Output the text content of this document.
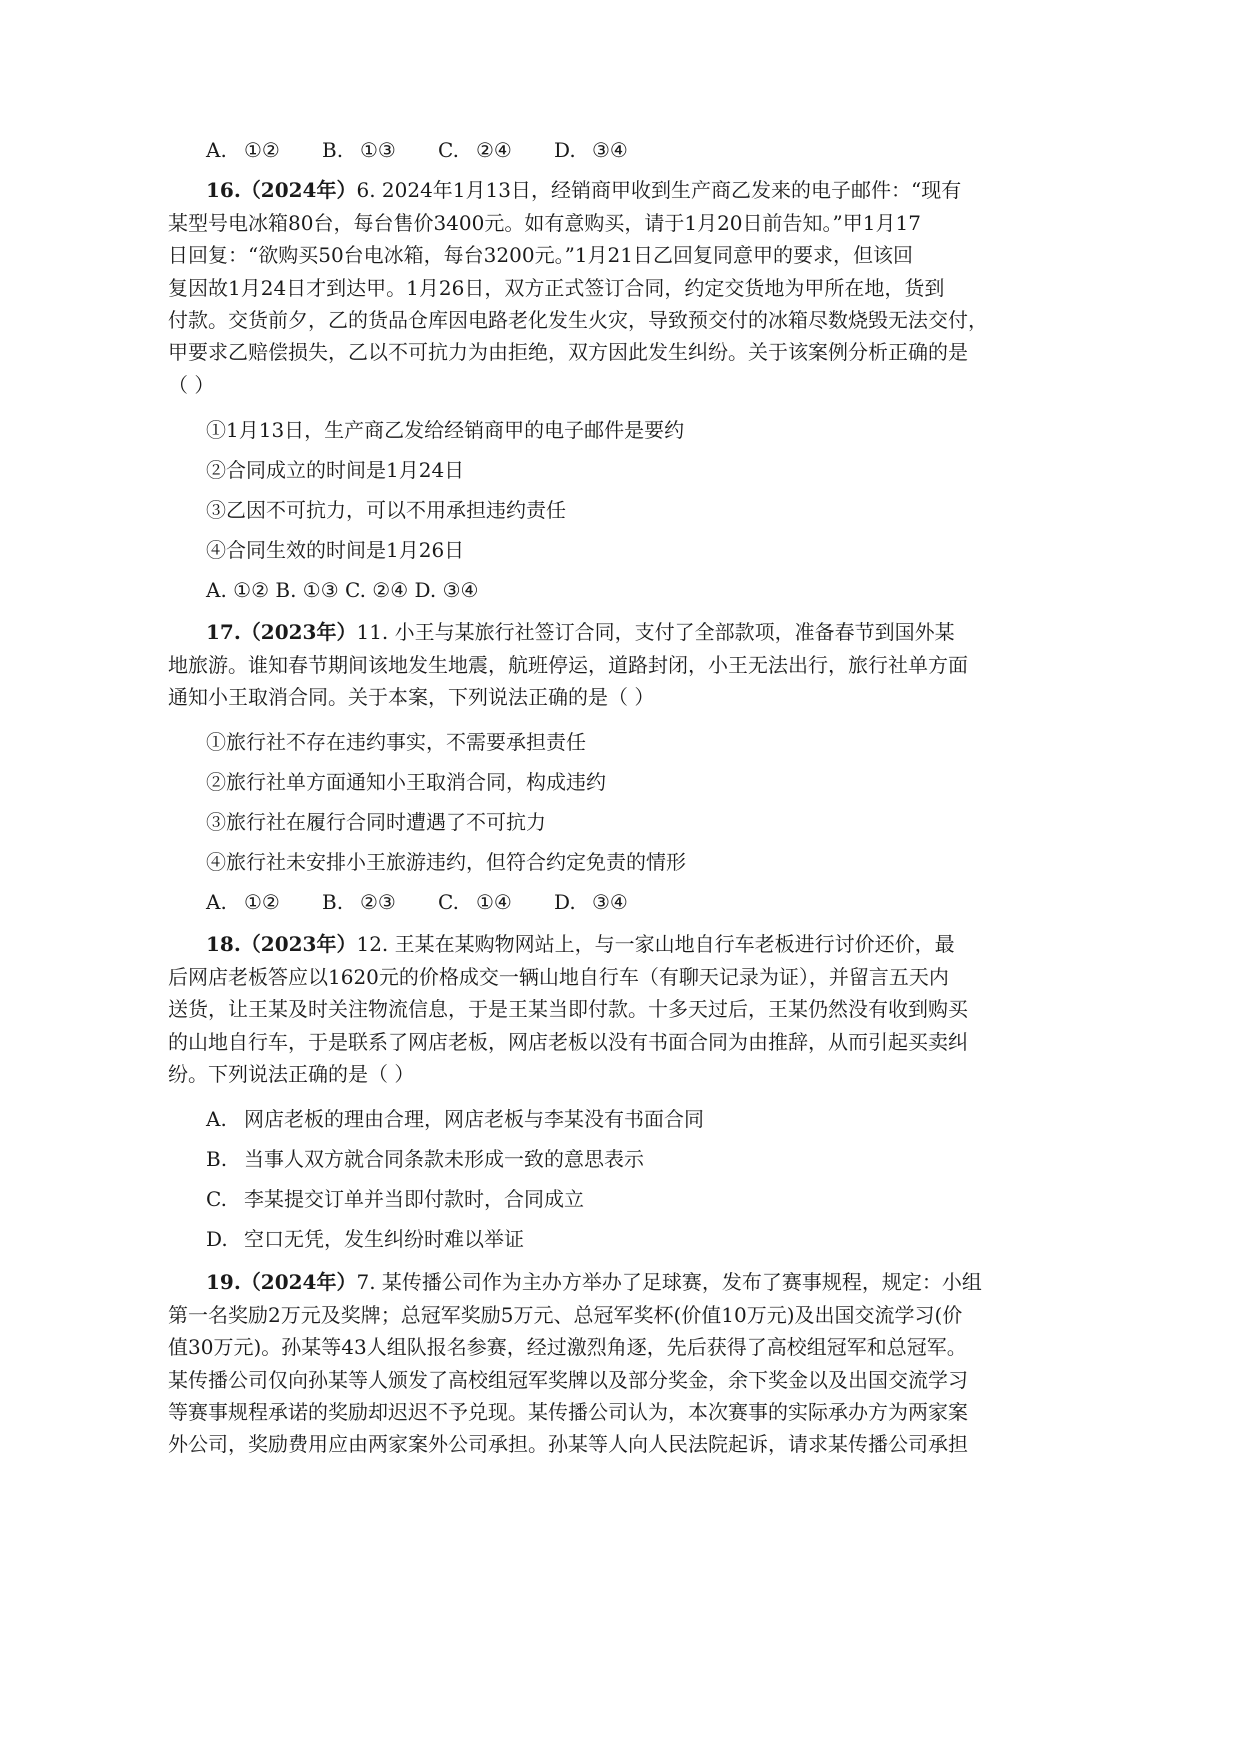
A. ①② B. ①③ C. ②④ D. ③④
16.（2024年）6. 2024年1月13日，经销商甲收到生产商乙发来的电子邮件：“现有
某型号电冰箱80台，每台售价3400元。如有意购买，请于1月20日前告知。”甲1月17
日回复：“欲购买50台电冰箱，每台3200元。”1月21日乙回复同意甲的要求，但该回
复因故1月24日才到达甲。1月26日，双方正式签订合同，约定交货地为甲所在地，货到
付款。交货前夕，乙的货品仓库因电路老化发生火灾，导致预交付的冰箱尽数烧毁无法交付，
甲要求乙赔偿损失，乙以不可抗力为由拒绝，双方因此发生纠纷。关于该案例分析正确的是
（ ）
①1月13日，生产商乙发给经销商甲的电子邮件是要约
②合同成立的时间是1月24日
③乙因不可抗力，可以不用承担违约责任
④合同生效的时间是1月26日
A. ①② B. ①③ C. ②④ D. ③④
17.（2023年）11. 小王与某旅行社签订合同，支付了全部款项，准备春节到国外某
地旅游。谁知春节期间该地发生地震，航班停运，道路封闭，小王无法出行，旅行社单方面
通知小王取消合同。关于本案，下列说法正确的是（ ）
①旅行社不存在违约事实，不需要承担责任
②旅行社单方面通知小王取消合同，构成违约
③旅行社在履行合同时遭遇了不可抗力
④旅行社未安排小王旅游违约，但符合约定免责的情形
A. ①② B. ②③ C. ①④ D. ③④
18.（2023年）12. 王某在某购物网站上，与一家山地自行车老板进行讨价还价，最
后网店老板答应以1620元的价格成交一辆山地自行车（有聊天记录为证），并留言五天内
送货，让王某及时关注物流信息，于是王某当即付款。十多天过后，王某仍然没有收到购买
的山地自行车，于是联系了网店老板，网店老板以没有书面合同为由推辞，从而引起买卖纠
纷。下列说法正确的是（ ）
A. 网店老板的理由合理，网店老板与李某没有书面合同
B. 当事人双方就合同条款未形成一致的意思表示
C. 李某提交订单并当即付款时，合同成立
D. 空口无凭，发生纠纷时难以举证
19.（2024年）7. 某传播公司作为主办方举办了足球赛，发布了赛事规程，规定：小组
第一名奖励2万元及奖牌；总冠军奖励5万元、总冠军奖杯(价值10万元)及出国交流学习(价
值30万元)。孙某等43人组队报名参赛，经过激烈角逐，先后获得了高校组冠军和总冠军。
某传播公司仅向孙某等人颁发了高校组冠军奖牌以及部分奖金，余下奖金以及出国交流学习
等赛事规程承诺的奖励却迟迟不予兑现。某传播公司认为，本次赛事的实际承办方为两家案
外公司，奖励费用应由两家案外公司承担。孙某等人向人民法院起诉，请求某传播公司承担
